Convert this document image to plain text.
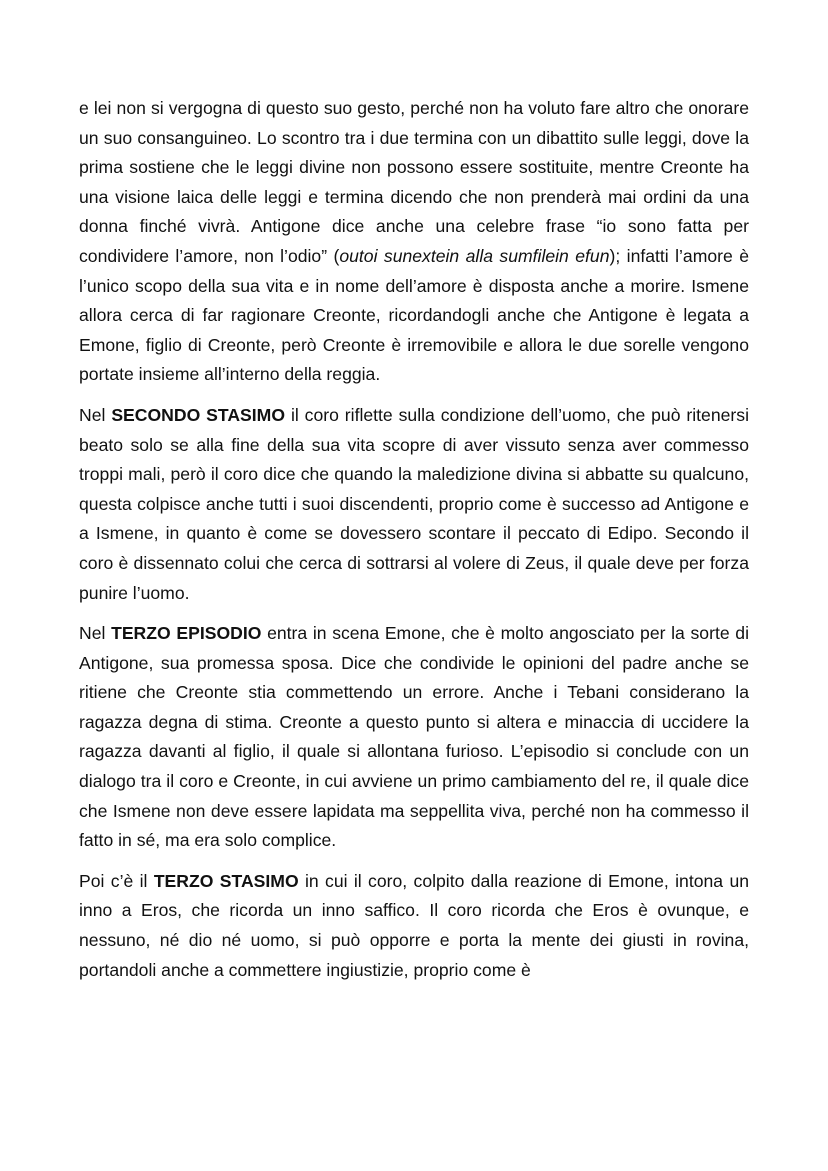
e lei non si vergogna di questo suo gesto, perché non ha voluto fare altro che onorare un suo consanguineo. Lo scontro tra i due termina con un dibattito sulle leggi, dove la prima sostiene che le leggi divine non possono essere sostituite, mentre Creonte ha una visione laica delle leggi e termina dicendo che non prenderà mai ordini da una donna finché vivrà. Antigone dice anche una celebre frase “io sono fatta per condividere l’amore, non l’odio” (outoi sunextein alla sumfilein efun); infatti l’amore è l’unico scopo della sua vita e in nome dell’amore è disposta anche a morire. Ismene allora cerca di far ragionare Creonte, ricordandogli anche che Antigone è legata a Emone, figlio di Creonte, però Creonte è irremovibile e allora le due sorelle vengono portate insieme all’interno della reggia.

Nel SECONDO STASIMO il coro riflette sulla condizione dell’uomo, che può ritenersi beato solo se alla fine della sua vita scopre di aver vissuto senza aver commesso troppi mali, però il coro dice che quando la maledizione divina si abbatte su qualcuno, questa colpisce anche tutti i suoi discendenti, proprio come è successo ad Antigone e a Ismene, in quanto è come se dovessero scontare il peccato di Edipo. Secondo il coro è dissennato colui che cerca di sottrarsi al volere di Zeus, il quale deve per forza punire l’uomo.

Nel TERZO EPISODIO entra in scena Emone, che è molto angosciato per la sorte di Antigone, sua promessa sposa. Dice che condivide le opinioni del padre anche se ritiene che Creonte stia commettendo un errore. Anche i Tebani considerano la ragazza degna di stima. Creonte a questo punto si altera e minaccia di uccidere la ragazza davanti al figlio, il quale si allontana furioso. L’episodio si conclude con un dialogo tra il coro e Creonte, in cui avviene un primo cambiamento del re, il quale dice che Ismene non deve essere lapidata ma seppellita viva, perché non ha commesso il fatto in sé, ma era solo complice.

Poi c’è il TERZO STASIMO in cui il coro, colpito dalla reazione di Emone, intona un inno a Eros, che ricorda un inno saffico. Il coro ricorda che Eros è ovunque, e nessuno, né dio né uomo, si può opporre e porta la mente dei giusti in rovina, portandoli anche a commettere ingiustizie, proprio come è
